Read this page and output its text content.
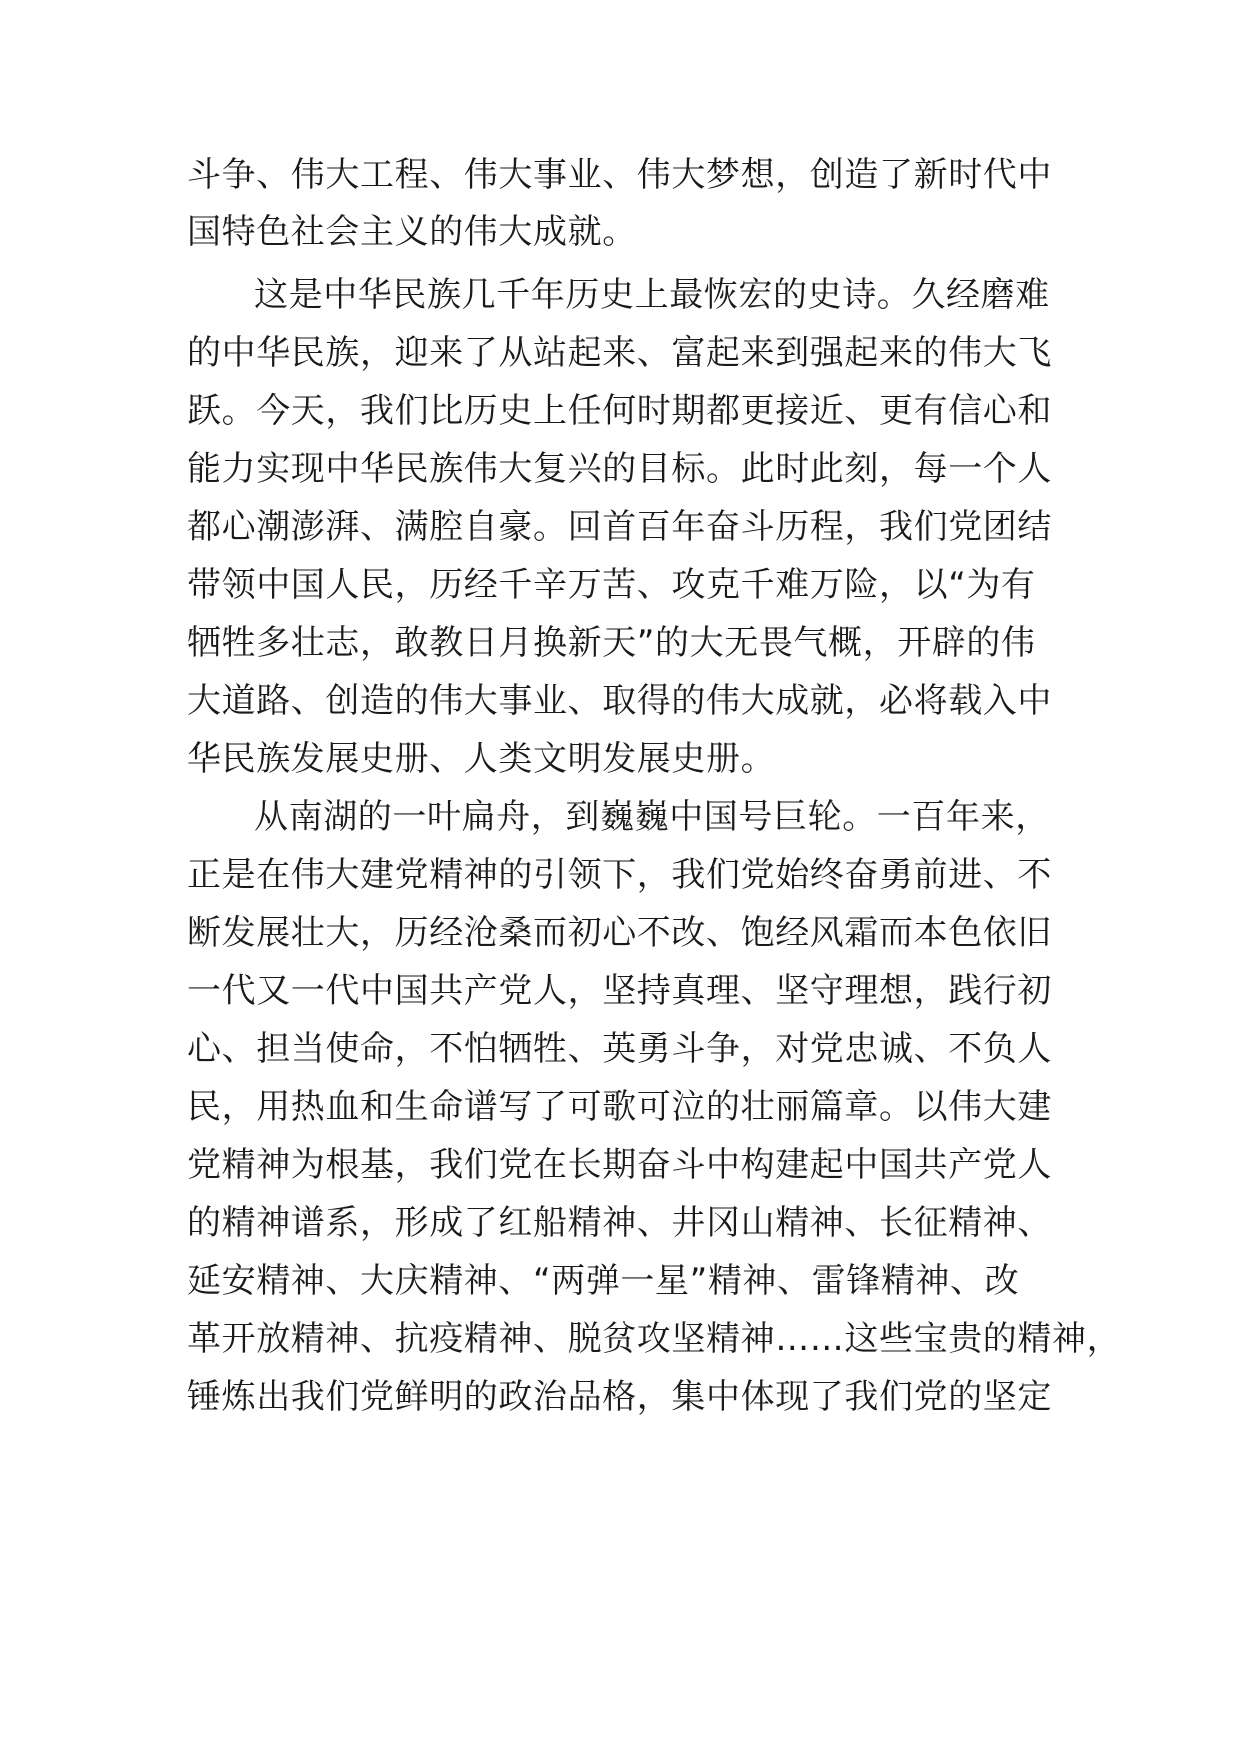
斗争、伟大工程、伟大事业、伟大梦想，创造了新时代中

国特色社会主义的伟大成就。

这是中华民族几千年历史上最恢宏的史诗。久经磨难

的中华民族，迎来了从站起来、富起来到强起来的伟大飞

跃。今天，我们比历史上任何时期都更接近、更有信心和

能力实现中华民族伟大复兴的目标。此时此刻，每一个人

都心潮澎湃、满腔自豪。回首百年奋斗历程，我们党团结

带领中国人民，历经千辛万苦、攻克千难万险，以“为有

牺牲多壮志，敢教日月换新天”的大无畏气概，开辟的伟

大道路、创造的伟大事业、取得的伟大成就，必将载入中

华民族发展史册、人类文明发展史册。

从南湖的一叶扁舟，到巍巍中国号巨轮。一百年来，

正是在伟大建党精神的引领下，我们党始终奋勇前进、不

断发展壮大，历经沧桑而初心不改、饱经风霜而本色依旧

一代又一代中国共产党人，坚持真理、坚守理想，践行初

心、担当使命，不怕牺牲、英勇斗争，对党忠诚、不负人

民，用热血和生命谱写了可歌可泣的壮丽篇章。以伟大建

党精神为根基，我们党在长期奋斗中构建起中国共产党人

的精神谱系，形成了红船精神、井冈山精神、长征精神、

延安精神、大庆精神、“两弹一星”精神、雷锋精神、改

革开放精神、抗疫精神、脱贫攻坚精神……这些宝贵的精神，

锤炼出我们党鲜明的政治品格，集中体现了我们党的坚定
